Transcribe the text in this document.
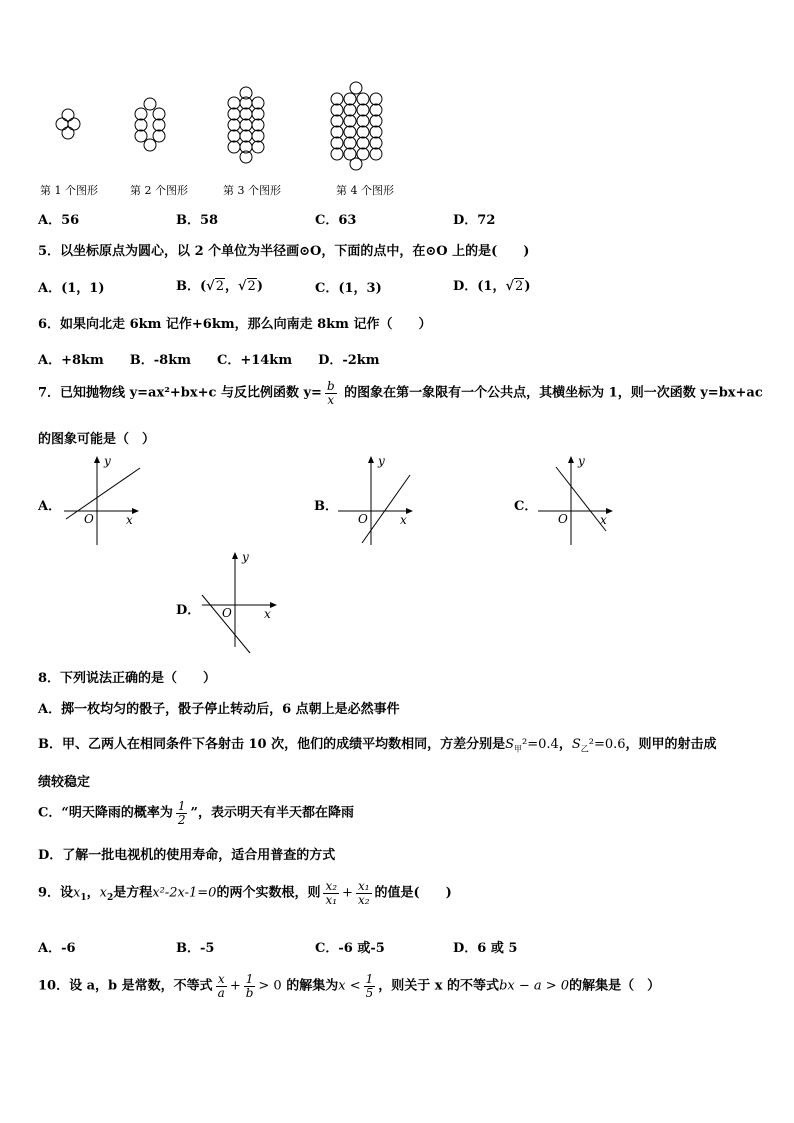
第 1 个图形	第 2 个图形	第 3 个图形	第 4 个图形
A．56	B．58	C．63	D．72
5．以坐标原点为圆心，以 2 个单位为半径画⊙O，下面的点中，在⊙O 上的是(　　)
A．(1，1)	B．(√2，√2)	C．(1，3)	D．(1，√2)
6．如果向北走 6km 记作+6km，那么向南走 8km 记作（　　）
A．+8km　　B．-8km　　C．+14km　　D．-2km
7．已知抛物线 y=ax²+bx+c 与反比例函数 $y= \frac{b}{x}$ 的图象在第一象限有一个公共点，其横坐标为 1，则一次函数 y=bx+ac
的图象可能是（　）
A．
y
x
O
B．
y
x
O
C．
y
x
O
D．
y
x
O
8．下列说法正确的是（　　）
A．掷一枚均匀的骰子，骰子停止转动后，6 点朝上是必然事件
B．甲、乙两人在相同条件下各射击 10 次，他们的成绩平均数相同，方差分别是$S_甲^2=0.4$，$S_乙^2=0.6$，则甲的射击成
绩较稳定
C．“明天降雨的概率为 $\frac{1}{2}$ ”，表示明天有半天都在降雨
D．了解一批电视机的使用寿命，适合用普查的方式
9．设$x_1$，$x_2$是方程x²-2x-1=0的两个实数根，则 $\frac{\text{x₂}}{\text{x₁}} + \frac{\text{x₁}}{\text{x₂}}$ 的值是(　　)
A．-6	B．-5	C．-6 或-5	D．6 或 5
10．设 a，b 是常数，不等式 $\frac{x}{a} + \frac{1}{b} > 0$ 的解集为$x < \frac{1}{5}$ ，则关于 x 的不等式bx − a > 0的解集是（　）
